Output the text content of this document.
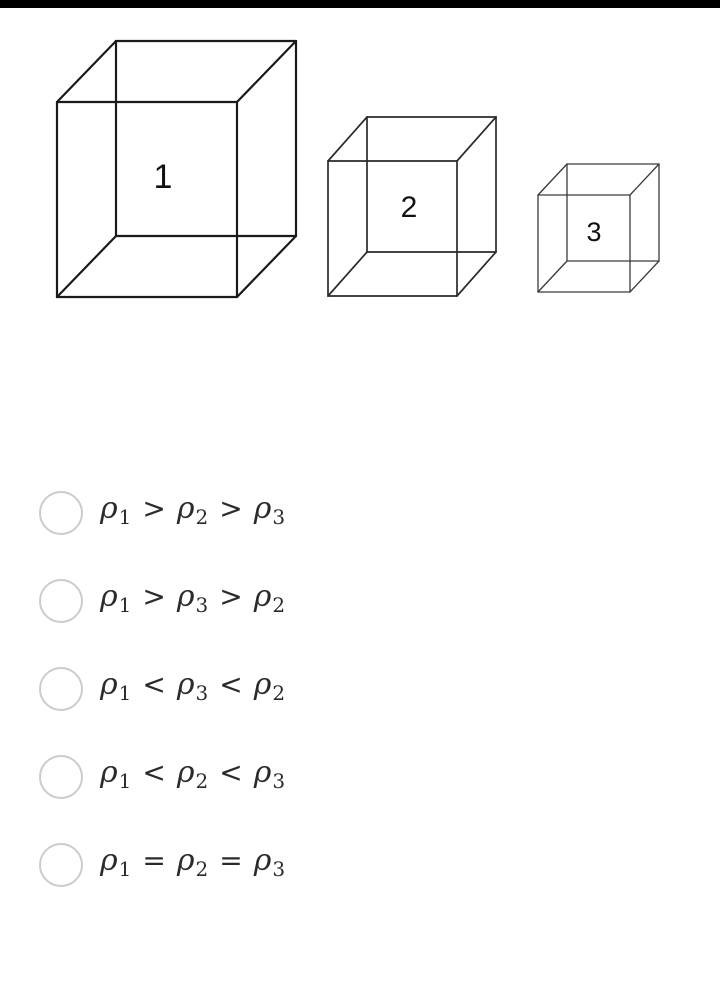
1
2
3
$\rho_1 > \rho_2 > \rho_3$
$\rho_1 > \rho_3 > \rho_2$
$\rho_1 < \rho_3 < \rho_2$
$\rho_1 < \rho_2 < \rho_3$
$\rho_1 = \rho_2 = \rho_3$
